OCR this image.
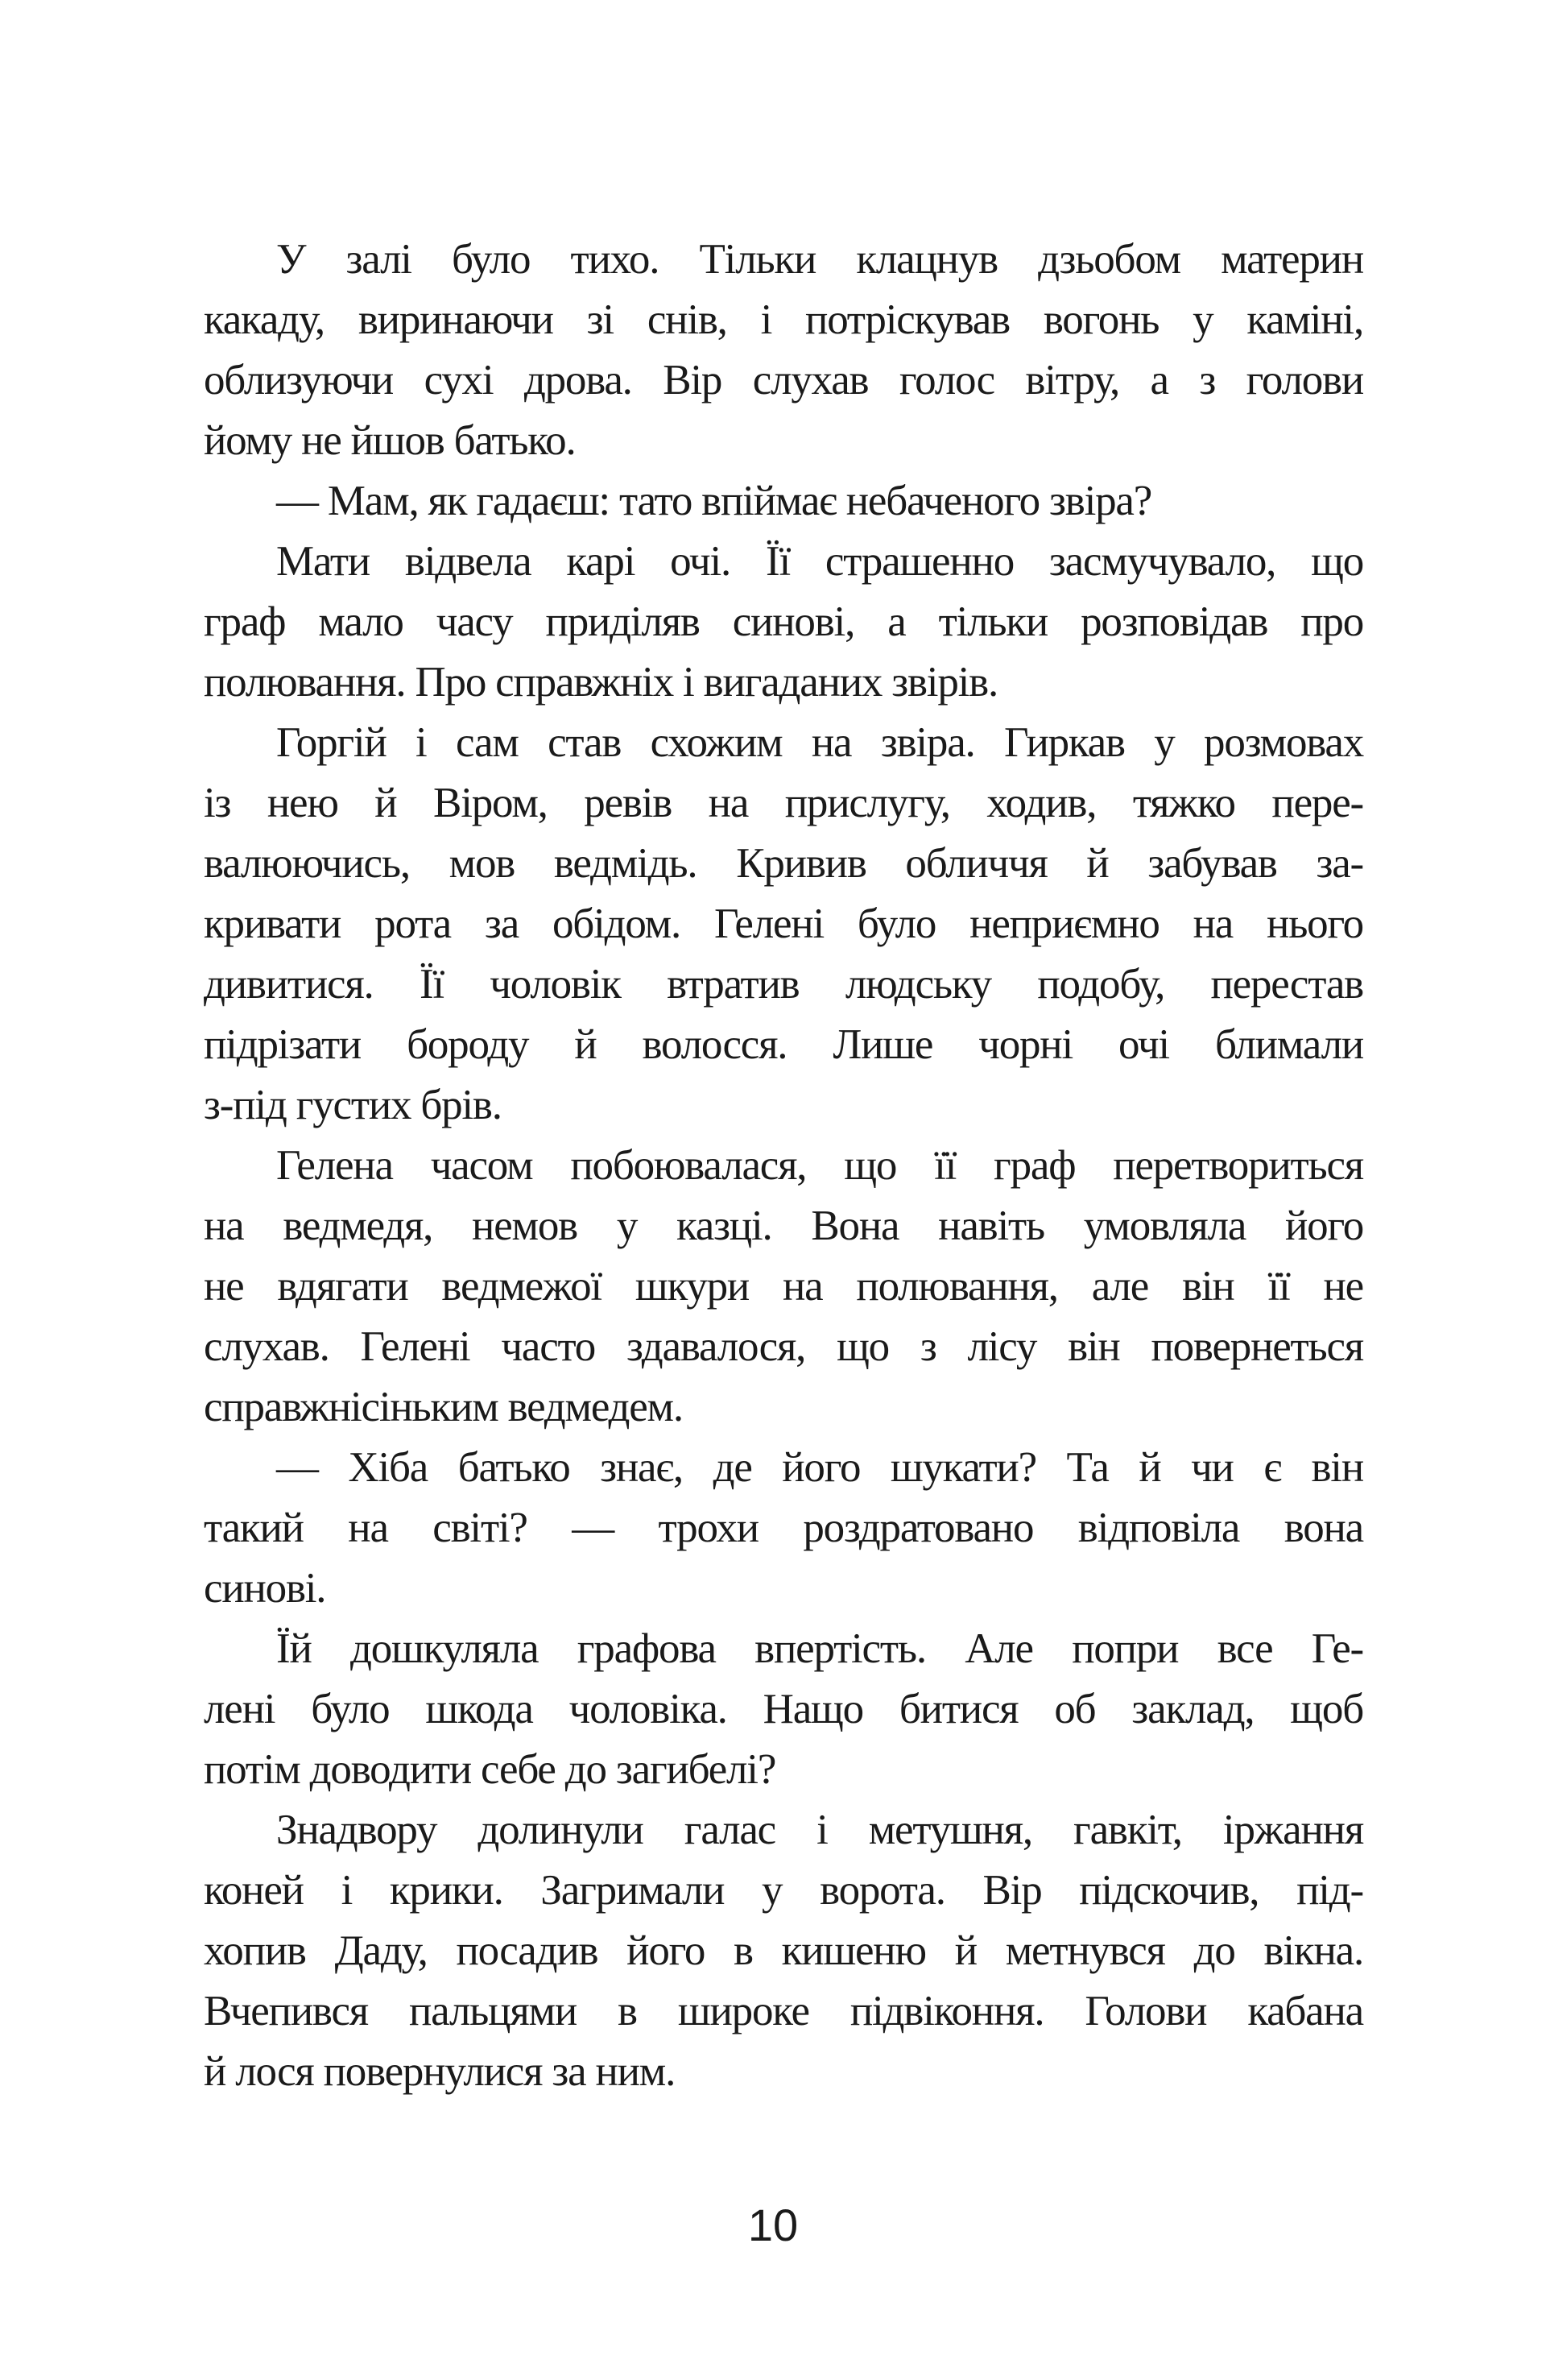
У залі було тихо. Тільки клацнув дзьобом материн
какаду, виринаючи зі снів, і потріскував вогонь у каміні,
облизуючи сухі дрова. Вір слухав голос вітру, а з голови
йому не йшов батько.
— Мам, як гадаєш: тато впіймає небаченого звіра?
Мати відвела карі очі. Її страшенно засмучувало, що
граф мало часу приділяв синові, а тільки розповідав про
полювання. Про справжніх і вигаданих звірів.
Горгій і сам став схожим на звіра. Гиркав у розмовах
із нею й Віром, ревів на прислугу, ходив, тяжко пере-
валюючись, мов ведмідь. Кривив обличчя й забував за-
кривати рота за обідом. Гелені було неприємно на нього
дивитися. Її чоловік втратив людську подобу, перестав
підрізати бороду й волосся. Лише чорні очі блимали
з-під густих брів.
Гелена часом побоювалася, що її граф перетвориться
на ведмедя, немов у казці. Вона навіть умовляла його
не вдягати ведмежої шкури на полювання, але він її не
слухав. Гелені часто здавалося, що з лісу він повернеться
справжнісіньким ведмедем.
— Хіба батько знає, де його шукати? Та й чи є він
такий на світі? — трохи роздратовано відповіла вона
синові.
Їй дошкуляла графова впертість. Але попри все Ге-
лені було шкода чоловіка. Нащо битися об заклад, щоб
потім доводити себе до загибелі?
Знадвору долинули галас і метушня, гавкіт, іржання
коней і крики. Загримали у ворота. Вір підскочив, під-
хопив Даду, посадив його в кишеню й метнувся до вікна.
Вчепився пальцями в широке підвіконня. Голови кабана
й лося повернулися за ним.
10
